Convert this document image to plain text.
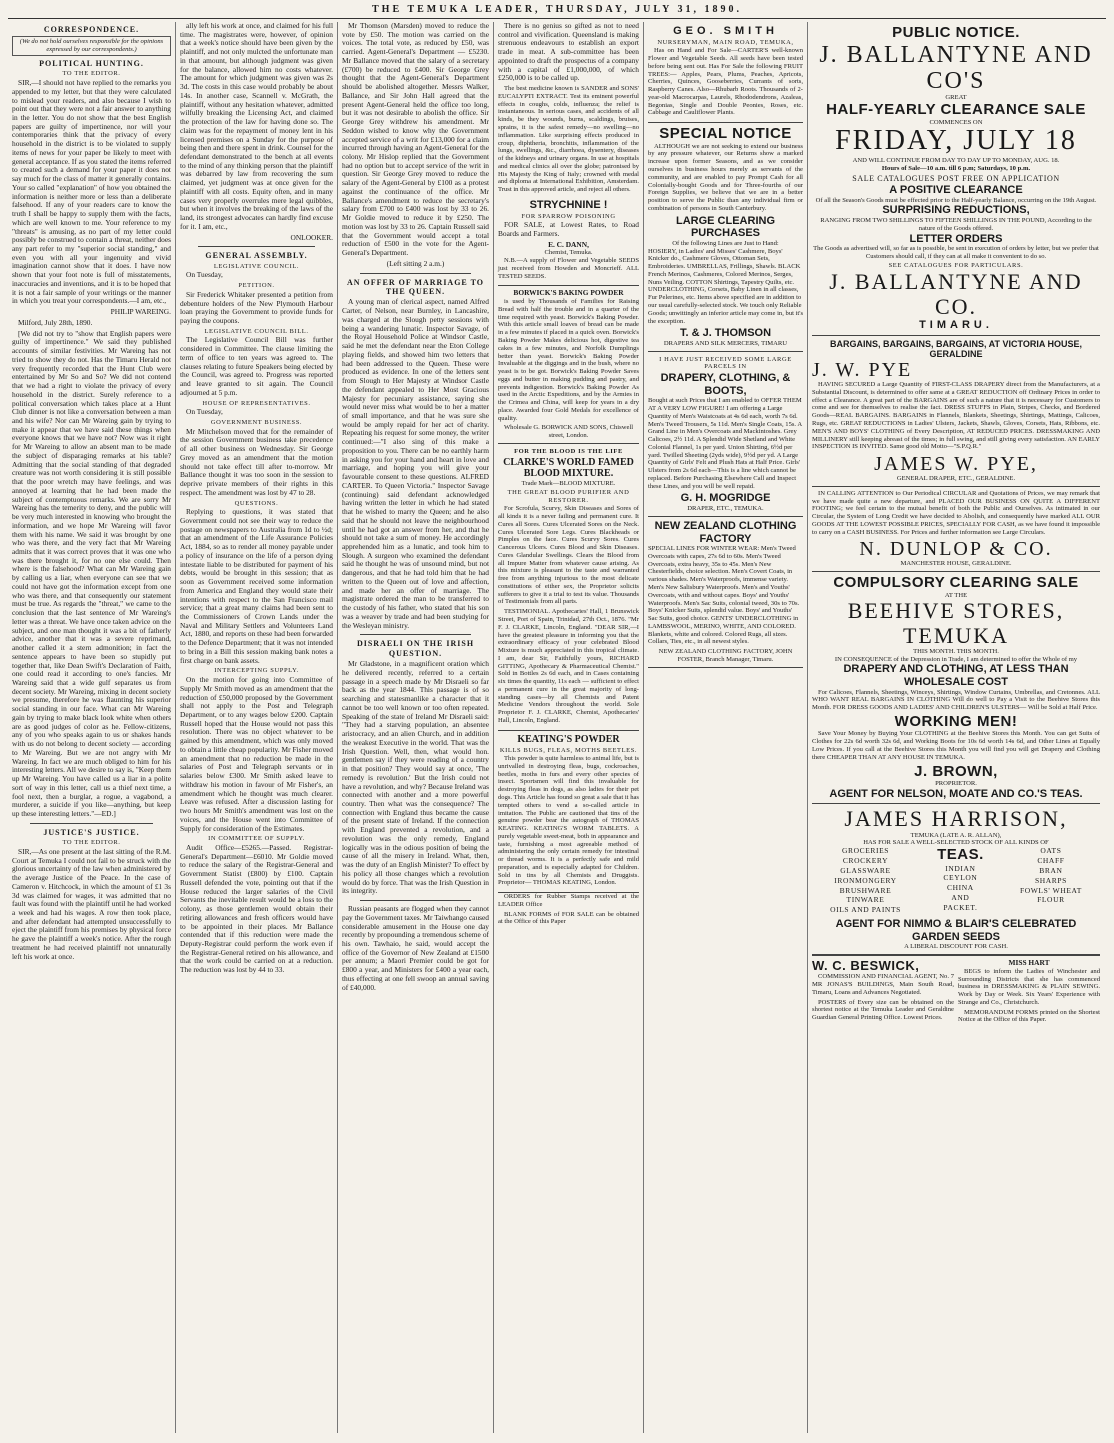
THE TEMUKA LEADER, THURSDAY, JULY 31, 1890.
CORRESPONDENCE.
(We do not hold ourselves responsible for the opinions expressed by our correspondents.)
POLITICAL HUNTING.
TO THE EDITOR.

SIR,—I should not have replied to the remarks you appended to my letter, but that they were calculated to mislead your readers, and also because I wish to point out that they were not a fair answer to anything in the letter. You do not show that the best English papers are guilty of impertinence, nor will your contemporaries think that the privacy of every household in the district is to be violated to supply items of news for your paper be likely to meet with general acceptance. If as you stated the items referred to created such a demand for your paper it does not say much for the class of matter it generally contains. Your so called "explanation" of how you obtained the information is neither more or less than a deliberate falsehood. If any of your readers care to know the truth I shall be happy to supply them with the facts, which are well known to me. Your reference to my "threats" is amusing, as no part of my letter could possibly be construed to contain a threat, neither does any part refer to my "superior social standing," and even you with all your ingenuity and vivid imagination cannot show that it does. I have now shown that your foot note is full of misstatements, inaccuracies and inventions, and it is to be hoped that it is not a fair sample of your writings or the manner in which you treat your correspondents.—I am, etc.,

PHILIP WAREING.

Milford, July 28th, 1890.

[We did not try to "show that English papers were guilty of impertinence." We said they published accounts of similar festivities. Mr Wareing has not tried to show they do not. Has the Timaru Herald not very frequently recorded that the Hunt Club were entertained by Mr So and So? We did not contend that we had a right to violate the privacy of every household in the district. Surely reference to a political conversation which takes place at a Hunt Club dinner is not like a conversation between a man and his wife? Nor can Mr Wareing gain by trying to make it appear that we have said these things when everyone knows that we have not? Now was it right for Mr Wareing to allow an absent man to be made the subject of disparaging remarks at his table? Admitting that the social standing of that degraded creature was not worth considering it is still possible that the poor wretch may have feelings, and was annoyed at learning that he had been made the subject of contemptuous remarks. We are sorry Mr Wareing has the temerity to deny, and the public will be very much interested in knowing who brought the information, and we hope Mr Wareing will favor them with his name. We said it was brought by one who was there, and the very fact that Mr Wareing admits that it was correct proves that it was one who was there brought it, for no one else could. Then where is the falsehood? What can Mr Wareing gain by calling us a liar, when everyone can see that we could not have got the information except from one who was there, and that consequently our statement must be true. As regards the "threat," we came to the conclusion that the last sentence of Mr Wareing's letter was a threat. We have once taken advice on the subject, and one man thought it was a bit of fatherly advice, another that it was a severe reprimand, another called it a stern admonition; in fact the sentence appears to have been so stupidly put together that, like Dean Swift's Declaration of Faith, one could read it according to one's fancies. Mr Wareing said that a wide gulf separates us from decent society. Mr Wareing, mixing in decent society we presume, therefore he was flaunting his superior social standing in our face. What can Mr Wareing gain by trying to make black look white when others are as good judges of color as he. Fellow-citizens, any of you who speaks again to us or shakes hands with us do not belong to decent society — according to Mr Wareing. But we are not angry with Mr Wareing. In fact we are much obliged to him for his interesting letters. All we desire to say is, "Keep them up Mr Wareing. You have called us a liar in a polite sort of way in this letter, call us a thief next time, a fool next, then a burglar, a rogue, a vagabond, a murderer, a suicide if you like—anything, but keep up these interesting letters."—ED.]

JUSTICE'S JUSTICE.
TO THE EDITOR.

SIR,—As one present at the last sitting of the R.M. Court at Temuka I could not fail to be struck with the glorious uncertainty of the law when administered by the average Justice of the Peace. In the case of Cameron v. Hitchcock, in which the amount of £1 3s 3d was claimed for wages, it was admitted that no fault was found with the plaintiff until he had worked a week and had his wages. A row then took place, and after defendant had attempted unsuccessfully to eject the plaintiff from his premises by physical force he gave the plaintiff a week's notice. After the rough treatment he had received plaintiff not unnaturally left his work at once.

ally left his work at once, and claimed for his full time. The magistrates were, however, of opinion that a week's notice should have been given by the plaintiff, and not only mulcted the unfortunate man in that amount, but although judgment was given for the balance, allowed him no costs whatever. The amount for which judgment was given was 2s 3d. The costs in this case would probably be about 14s. In another case, Scannell v. McGrath, the plaintiff, without any hesitation whatever, admitted wilfully breaking the Licensing Act, and claimed the protection of the law for having done so. The claim was for the repayment of money lent in his licensed premises on a Sunday for the purpose of being then and there spent in drink. Counsel for the defendant demonstrated to the bench at all events to the mind of any thinking person that the plaintiff was debarred by law from recovering the sum claimed, yet judgment was at once given for the plaintiff with all costs. Equity often, and in many cases very properly overrules mere legal quibbles, but when it involves the breaking of the laws of the land, its strongest advocates can hardly find excuse for it. I am, etc.,

ONLOOKER.
GENERAL ASSEMBLY.
LEGISLATIVE COUNCIL.

On Tuesday,

PETITION.

Sir Frederick Whitaker presented a petition from debenture holders of the New Plymouth Harbour loan praying the Government to provide funds for paying the coupons.

LEGISLATIVE COUNCIL BILL.

The Legislative Council Bill was further considered in Committee. The clause limiting the term of office to ten years was agreed to. The clauses relating to future Speakers being elected by the Council, was agreed to. Progress was reported and leave granted to sit again. The Council adjourned at 5 p.m.

HOUSE OF REPRESENTATIVES.

On Tuesday,

GOVERNMENT BUSINESS.

Mr Mitchelson moved that for the remainder of the session Government business take precedence of all other business on Wednesday. Sir George Grey moved as an amendment that the motion should not take effect till after to-morrow. Mr Ballance thought it was too soon in the session to deprive private members of their rights in this respect. The amendment was lost by 47 to 28.

QUESTIONS.

Replying to questions, it was stated that Government could not see their way to reduce the postage on newspapers to Australia from 1d to ½d; that an amendment of the Life Assurance Policies Act, 1884, so as to render all money payable under a policy of insurance on the life of a person dying intestate liable to be distributed for payment of his debts, would be brought in this session; that as soon as Government received some information from America and England they would state their intentions with respect to the San Francisco mail service; that a great many claims had been sent to the Commissioners of Crown Lands under the Naval and Military Settlers and Volunteers Land Act, 1880, and reports on these had been forwarded to the Defence Department; that it was not intended to bring in a Bill this session making bank notes a first charge on bank assets.

INTERCEPTING SUPPLY.

On the motion for going into Committee of Supply Mr Smith moved as an amendment that the reduction of £50,000 proposed by the Government shall not apply to the Post and Telegraph Department, or to any wages below £200. Captain Russell hoped that the House would not pass this resolution. There was no object whatever to be gained by this amendment, which was only moved to obtain a little cheap popularity. Mr Fisher moved an amendment that no reduction be made in the salaries of Post and Telegraph servants or in salaries below £300. Mr Smith asked leave to withdraw his motion in favour of Mr Fisher's, an amendment which he thought was much clearer. Leave was refused. After a discussion lasting for two hours Mr Smith's amendment was lost on the voices, and the House went into Committee of Supply for consideration of the Estimates.

IN COMMITTEE OF SUPPLY.

Audit Office—£5265.—Passed. Registrar-General's Department—£6010. Mr Goldie moved to reduce the salary of the Registrar-General and Government Statist (£800) by £100. Captain Russell defended the vote, pointing out that if the House reduced the larger salaries of the Civil Servants the inevitable result would be a loss to the colony, as those gentlemen would obtain their retiring allowances and fresh officers would have to be appointed in their places. Mr Ballance contended that if this reduction were made the Deputy-Registrar could perform the work even if the Registrar-General retired on his allowance, and that the work could be carried on at a reduction. The reduction was lost by 44 to 33.

Mr Thomson (Marsden) moved to reduce the vote by £50. The motion was carried on the voices. The total vote, as reduced by £50, was carried. Agent-General's Department — £5230. Mr Ballance moved that the salary of a secretary (£700) be reduced to £400. Sir George Grey thought that the Agent-General's Department should be abolished altogether. Messrs Walker, Ballance, and Sir John Hall agreed that the present Agent-General held the office too long, but it was not desirable to abolish the office. Sir George Grey withdrew his amendment. Mr Seddon wished to know why the Government accepted service of a writ for £13,000 for a claim incurred through having an Agent-General for the colony. Mr Hislop replied that the Government had no option but to accept service of the writ in question. Sir George Grey moved to reduce the salary of the Agent-General by £100 as a protest against the continuance of the office. Mr Ballance's amendment to reduce the secretary's salary from £700 to £400 was lost by 33 to 26. Mr Goldie moved to reduce it by £250. The motion was lost by 33 to 26. Captain Russell said that the Government would accept a total reduction of £500 in the vote for the Agent-General's Department.

(Left sitting 2 a.m.)
AN OFFER OF MARRIAGE TO THE QUEEN.

A young man of clerical aspect, named Alfred Carter, of Nelson, near Burnley, in Lancashire, was charged at the Slough petty sessions with being a wandering lunatic. Inspector Savage, of the Royal Household Police at Windsor Castle, said he met the defendant near the Eton College playing fields, and showed him two letters that had been addressed to the Queen. These were produced as evidence. In one of the letters sent from Slough to Her Majesty at Windsor Castle the defendant appealed to Her Most Gracious Majesty for pecuniary assistance, saying she would never miss what would be to her a matter of small importance, and that he was sure she would be amply repaid for her act of charity. Repeating his request for some money, the writer continued:—"I also sing of this make a proposition to you. There can be no earthly harm in asking you for your hand and heart in love and marriage, and hoping you will give your favourable consent to these questions. ALFRED CARTER. To Queen Victoria." Inspector Savage (continuing) said defendant acknowledged having written the letter in which he had stated that he wished to marry the Queen; and he also said that he should not leave the neighbourhood until he had got an answer from her, and that he should not take a sum of money. He accordingly apprehended him as a lunatic, and took him to Slough. A surgeon who examined the defendant said he thought he was of unsound mind, but not dangerous, and that he had told him that he had written to the Queen out of love and affection, and made her an offer of marriage. The magistrate ordered the man to be transferred to the custody of his father, who stated that his son was a weaver by trade and had been studying for the Wesleyan ministry.

DISRAELI ON THE IRISH QUESTION.

Mr Gladstone, in a magnificent oration which he delivered recently, referred to a certain passage in a speech made by Mr Disraeli so far back as the year 1844. This passage is of so searching and statesmanlike a character that it cannot be too well known or too often repeated. Speaking of the state of Ireland Mr Disraeli said: "They had a starving population, an absentee aristocracy, and an alien Church, and in addition the weakest Executive in the world. That was the Irish Question. Well, then, what would hon. gentlemen say if they were reading of a country in that position? They would say at once, 'The remedy is revolution.' But the Irish could not have a revolution, and why? Because Ireland was connected with another and a more powerful country. Then what was the consequence? The connection with England thus became the cause of the present state of Ireland. If the connection with England prevented a revolution, and a revolution was the only remedy, England logically was in the odious position of being the cause of all the misery in Ireland. What, then, was the duty of an English Minister? To effect by his policy all those changes which a revolution would do by force. That was the Irish Question in its integrity.

Russian peasants are flogged when they cannot pay the Government taxes. Mr Taiwhango caused considerable amusement in the House one day recently by propounding a tremendous scheme of his own. Tawhaio, he said, would accept the office of the Governor of New Zealand at £1500 per annum; a Maori Premier could be got for £800 a year, and Ministers for £400 a year each, thus effecting at one fell swoop an annual saving of £40,000.

There is no genius so gifted as not to need control and vivification. Queensland is making strenuous endeavours to establish an export trade in meat. A sub-committee has been appointed to draft the prospectus of a company with a capital of £1,000,000, of which £250,000 is to be called up.

The best medicine known is SANDER and SONS' EUCALYPTI EXTRACT. Test its eminent powerful effects in coughs, colds, influenza; the relief is instantaneous. In serious cases, and accidents of all kinds, be they wounds, burns, scaldings, bruises, sprains, it is the safest remedy—no swelling—no inflammation. Like surprising effects produced in croup, diphtheria, bronchitis, inflammation of the lungs, swellings, &c., diarrhoea, dysentery, diseases of the kidneys and urinary organs. In use at hospitals and medical clinics all over the globe; patronised by His Majesty the King of Italy; crowned with medal and diploma at International Exhibition, Amsterdam. Trust in this approved article, and reject all others.

STRYCHNINE !
FOR SPARROW POISONING

FOR SALE, at Lowest Rates, to Road Boards and Farmers.

E. C. DANN,
Chemist, Temuka.

N.B.—A supply of Flower and Vegetable SEEDS just received from Howden and Moncrieff. ALL TESTED SEEDS.

BORWICK'S BAKING POWDER

is used by Thousands of Families for Raising Bread with half the trouble and in a quarter of the time required with yeast. Borwick's Baking Powder. With this article small loaves of bread can be made in a few minutes if placed in a quick oven. Borwick's Baking Powder Makes delicious hot, digestive tea cakes in a few minutes, and Norfolk Dumplings better than yeast. Borwick's Baking Powder Invaluable at the diggings and in the bush, where no yeast is to be got. Borwick's Baking Powder Saves eggs and butter in making pudding and pastry, and prevents indigestion. Borwick's Baking Powder As used in the Arctic Expeditions, and by the Armies in the Crimea and China, will keep for years in a dry place. Awarded four Gold Medals for excellence of quality.

Wholesale G. BORWICK AND SONS, Chiswell street, London.
FOR THE BLOOD IS THE LIFE
CLARKE'S WORLD FAMED BLOOD MIXTURE.
Trade Mark—BLOOD MIXTURE.
THE GREAT BLOOD PURIFIER AND RESTORER.

For Scrofula, Scurvy, Skin Diseases and Sores of all kinds it is a never failing and permanent cure. It Cures all Sores. Cures Ulcerated Sores on the Neck. Cures Ulcerated Sore Legs. Cures Blackheads or Pimples on the face. Cures Scurvy Sores. Cures Cancerous Ulcers. Cures Blood and Skin Diseases. Cures Glandular Swellings. Clears the Blood from all Impure Matter from whatever cause arising. As this mixture is pleasant to the taste and warranted free from anything injurious to the most delicate constitutions of either sex, the Proprietor solicits sufferers to give it a trial to test its value. Thousands of Testimonials from all parts.

TESTIMONIAL. Apothecaries' Hall, 1 Brunswick Street, Port of Spain, Trinidad, 27th Oct., 1876. "Mr F. J. CLARKE, Lincoln, England. "DEAR SIR,—I have the greatest pleasure in informing you that the extraordinary efficacy of your celebrated Blood Mixture is much appreciated in this tropical climate. I am, dear Sir, Faithfully yours, RICHARD GITTING, Apothecary & Pharmaceutical Chemist." Sold in Bottles 2s 6d each, and in Cases containing six times the quantity, 11s each — sufficient to effect a permanent cure in the great majority of long-standing cases—by all Chemists and Patent Medicine Vendors throughout the world. Sole Proprietor F. J. CLARKE, Chemist, Apothecaries' Hall, Lincoln, England.

KEATING'S POWDER
KILLS BUGS, FLEAS, MOTHS BEETLES.

This powder is quite harmless to animal life, but is unrivalled in destroying fleas, bugs, cockroaches, beetles, moths in furs and every other species of insect. Sportsmen will find this invaluable for destroying fleas in dogs, as also ladies for their pet dogs. This Article has found so great a sale that it has tempted others to vend a so-called article in imitation. The Public are cautioned that tins of the genuine powder bear the autograph of THOMAS KEATING. KEATING'S WORM TABLETS. A purely vegetable sweet-meat, both in appearance and taste, furnishing a most agreeable method of administering the only certain remedy for intestinal or thread worms. It is a perfectly safe and mild preparation, and is especially adapted for Children. Sold in tins by all Chemists and Druggists. Proprietor— THOMAS KEATING, London.

ORDERS for Rubber Stamps received at the LEADER Office

BLANK FORMS of FOR SALE can be obtained at the Office of this Paper

GEO. SMITH
NURSERYMAN, MAIN ROAD, TEMUKA,

Has on Hand and For Sale—CARTER'S well-known Flower and Vegetable Seeds. All seeds have been tested before being sent out. Has For Sale the following FRUIT TREES:— Apples, Pears, Plums, Peaches, Apricots, Cherries, Quinces, Gooseberries, Currants of sorts, Raspberry Canes. Also—Rhubarb Roots. Thousands of 2-year-old Macrocarpas, Laurels, Rhododendrons, Azaleas, Begonias, Single and Double Peonies, Roses, etc. Cabbage and Cauliflower Plants.

SPECIAL NOTICE

ALTHOUGH we are not seeking to extend our business by any pressure whatever, our Returns show a marked increase upon former Seasons, and as we consider ourselves in business hours merely as servants of the community, and are enabled to pay Prompt Cash for all Colonially-bought Goods and for Three-fourths of our Foreign Supplies, we believe that we are in a better position to serve the Public than any individual firm or combination of persons in South Canterbury.

LARGE CLEARING PURCHASES
Of the following Lines are Just to Hand:

HOSIERY, in Ladies' and Misses' Cashmere, Boys' Knicker do., Cashmere Gloves, Ottoman Sets, Embroideries. UMBRELLAS, Frillings, Shawls. BLACK French Merinos, Cashmeres, Colored Merinos, Serges, Nuns Veiling. COTTON Shirtings, Tapestry Quilts, etc. UNDERCLOTHING, Corsets, Baby Linen in all classes, Fur Pelerines, etc. Items above specified are in addition to our usual carefully-selected stock. We touch only Reliable Goods; unwittingly an inferior article may come in, but it's the exception.

T. & J. THOMSON
DRAPERS AND SILK MERCERS, TIMARU
I HAVE JUST RECEIVED SOME LARGE PARCELS IN
DRAPERY, CLOTHING, & BOOTS,

Bought at such Prices that I am enabled to OFFER THEM AT A VERY LOW FIGURE! I am offering a Large Quantity of Men's Waistcoats at 4s 6d each, worth 7s 6d. Men's Tweed Trousers, 5s 11d. Men's Single Coats, 15s. A Grand Line in Men's Overcoats and Mackintoshes. Grey Calicoes, 2½ 11d. A Splendid Wide Shetland and White Colonial Flannel, 1s per yard. Union Shirting, 6½d per yard. Twilled Sheeting (2yds wide), 9½d per yd. A Large Quantity of Girls' Felt and Plush Hats at Half Price. Girls' Ulsters from 2s 6d each—This is a line which cannot be replaced. Before Purchasing Elsewhere Call and Inspect these Lines, and you will be well repaid.

G. H. MOGRIDGE
DRAPER, ETC., TEMUKA.
NEW ZEALAND CLOTHING FACTORY

SPECIAL LINES FOR WINTER WEAR: Men's Tweed Overcoats with capes, 27s 6d to 60s. Men's Tweed Overcoats, extra heavy, 35s to 45s. Men's New Chesterfields, choice selection. Men's Covert Coats, in various shades. Men's Waterproofs, immense variety. Men's New Salisbury Waterproofs. Men's and Youths' Overcoats, with and without capes. Boys' and Youths' Waterproofs. Men's Sac Suits, colonial tweed, 30s to 70s. Boys' Knicker Suits, splendid value. Boys' and Youths' Sac Suits, good choice. GENTS' UNDERCLOTHING in LAMBSWOOL, MERINO, WHITE, AND COLORED. Blankets, white and colored. Colored Rugs, all sizes. Collars, Ties, etc., in all newest styles.

NEW ZEALAND CLOTHING FACTORY, JOHN FOSTER, Branch Manager, Timaru.
PUBLIC NOTICE.
J. BALLANTYNE AND CO'S
GREAT
HALF-YEARLY CLEARANCE SALE
COMMENCES ON
FRIDAY, JULY 18
AND WILL CONTINUE FROM DAY TO DAY UP TO MONDAY, AUG. 18.
Hours of Sale—10 a.m. till 6 p.m; Saturdays, 10 p.m.
SALE CATALOGUES POST FREE ON APPLICATION
A POSITIVE CLEARANCE
Of all the Season's Goods must be effected prior to the Half-yearly Balance, occurring on the 19th August.
SURPRISING REDUCTIONS,
RANGING FROM TWO SHILLINGS TO FIFTEEN SHILLINGS IN THE POUND, According to the nature of the Goods offered.
LETTER ORDERS
The Goods as advertised will, so far as is possible, be sent in execution of orders by letter, but we prefer that Customers should call, if they can at all make it convenient to do so.
SEE CATALOGUES FOR PARTICULARS.
J. BALLANTYNE AND CO.
TIMARU.
BARGAINS, BARGAINS, BARGAINS, AT VICTORIA HOUSE, GERALDINE
J. W. PYE

HAVING SECURED a Large Quantity of FIRST-CLASS DRAPERY direct from the Manufacturers, at a Substantial Discount, is determined to offer same at a GREAT REDUCTION off Ordinary Prices in order to effect a Clearance. A great part of the BARGAINS are of such a nature that it is necessary for Customers to come and see for themselves to realise the fact. DRESS STUFFS in Plain, Stripes, Checks, and Bordered Goods—REAL BARGAINS. BARGAINS in Flannels, Blankets, Sheetings, Shirtings, Mattings, Calicoes, Rugs, etc. GREAT REDUCTIONS in Ladies' Ulsters, Jackets, Shawls, Gloves, Corsets, Hats, Ribbons, etc. MEN'S AND BOYS' CLOTHING of Every Description, AT REDUCED PRICES. DRESSMAKING AND MILLINERY still keeping abreast of the times; in full swing, and still giving every satisfaction. AN EARLY INSPECTION IS INVITED. Same good old Motto—"S.P.Q.R."

JAMES W. PYE,
GENERAL DRAPER, ETC., GERALDINE.

IN CALLING ATTENTION to Our Periodical CIRCULAR and Quotations of Prices, we may remark that we have made quite a new departure, and PLACED OUR BUSINESS ON QUITE A DIFFERENT FOOTING; we feel certain to the mutual benefit of both the Public and Ourselves. As intimated in our Circular, the System of Long Credit we have decided to Abolish, and consequently have marked ALL OUR GOODS AT THE LOWEST POSSIBLE PRICES, SPECIALLY FOR CASH, as we have found it impossible to carry on a CASH BUSINESS. For Prices and further information see Large Circulars.

N. DUNLOP & CO.
MANCHESTER HOUSE, GERALDINE.
COMPULSORY CLEARING SALE
AT THE
BEEHIVE STORES, TEMUKA
THIS MONTH. THIS MONTH.
IN CONSEQUENCE of the Depression in Trade, I am determined to offer the Whole of my
DRAPERY AND CLOTHING, AT LESS THAN WHOLESALE COST

For Calicoes, Flannels, Sheetings, Winceys, Shirtings, Window Curtains, Umbrellas, and Cretonnes. ALL WHO WANT REAL BARGAINS IN CLOTHING Will do well to Pay a Visit to the Beehive Stores this Month. FOR DRESS GOODS AND LADIES' AND CHILDREN'S ULSTERS— Will be Sold at Half Price.

WORKING MEN!

Save Your Money by Buying Your CLOTHING at the Beehive Stores this Month. You can get Suits of Clothes for 22s 6d worth 32s 6d, and Working Boots for 10s 6d worth 14s 6d, and Other Lines at Equally Low Prices. If you call at the Beehive Stores this Month you will find you will get Drapery and Clothing there CHEAPER THAN AT ANY HOUSE IN TEMUKA.

J. BROWN,
PROPRIETOR.
AGENT FOR NELSON, MOATE AND CO.'S TEAS.
JAMES HARRISON,
TEMUKA (LATE A. R. ALLAN),
HAS FOR SALE A WELL-SELECTED STOCK OF ALL KINDS OF
GROCERIES
CROCKERY
GLASSWARE
IRONMONGERY
BRUSHWARE
TINWARE
OILS AND PAINTS
TEAS.
INDIAN
CEYLON
CHINA
AND
PACKET.
OATS
CHAFF
BRAN
SHARPS
FOWLS' WHEAT
FLOUR
AGENT FOR NIMMO & BLAIR'S CELEBRATED GARDEN SEEDS
A LIBERAL DISCOUNT FOR CASH.
W. C. BESWICK,

COMMISSION AND FINANCIAL AGENT, No. 7 MR JONAS'S BUILDINGS, Main South Road, Timaru, Loans and Advances Negotiated.

POSTERS of Every size can be obtained on the shortest notice at the Temuka Leader and Geraldine Guardian General Printing Office. Lowest Prices.

MISS HART

BEGS to inform the Ladies of Winchester and Surrounding Districts that she has commenced business in DRESSMAKING & PLAIN SEWING. Work by Day or Week. Six Years' Experience with Strange and Co., Christchurch.

MEMORANDUM FORMS printed on the Shortest Notice at the Office of this Paper.
